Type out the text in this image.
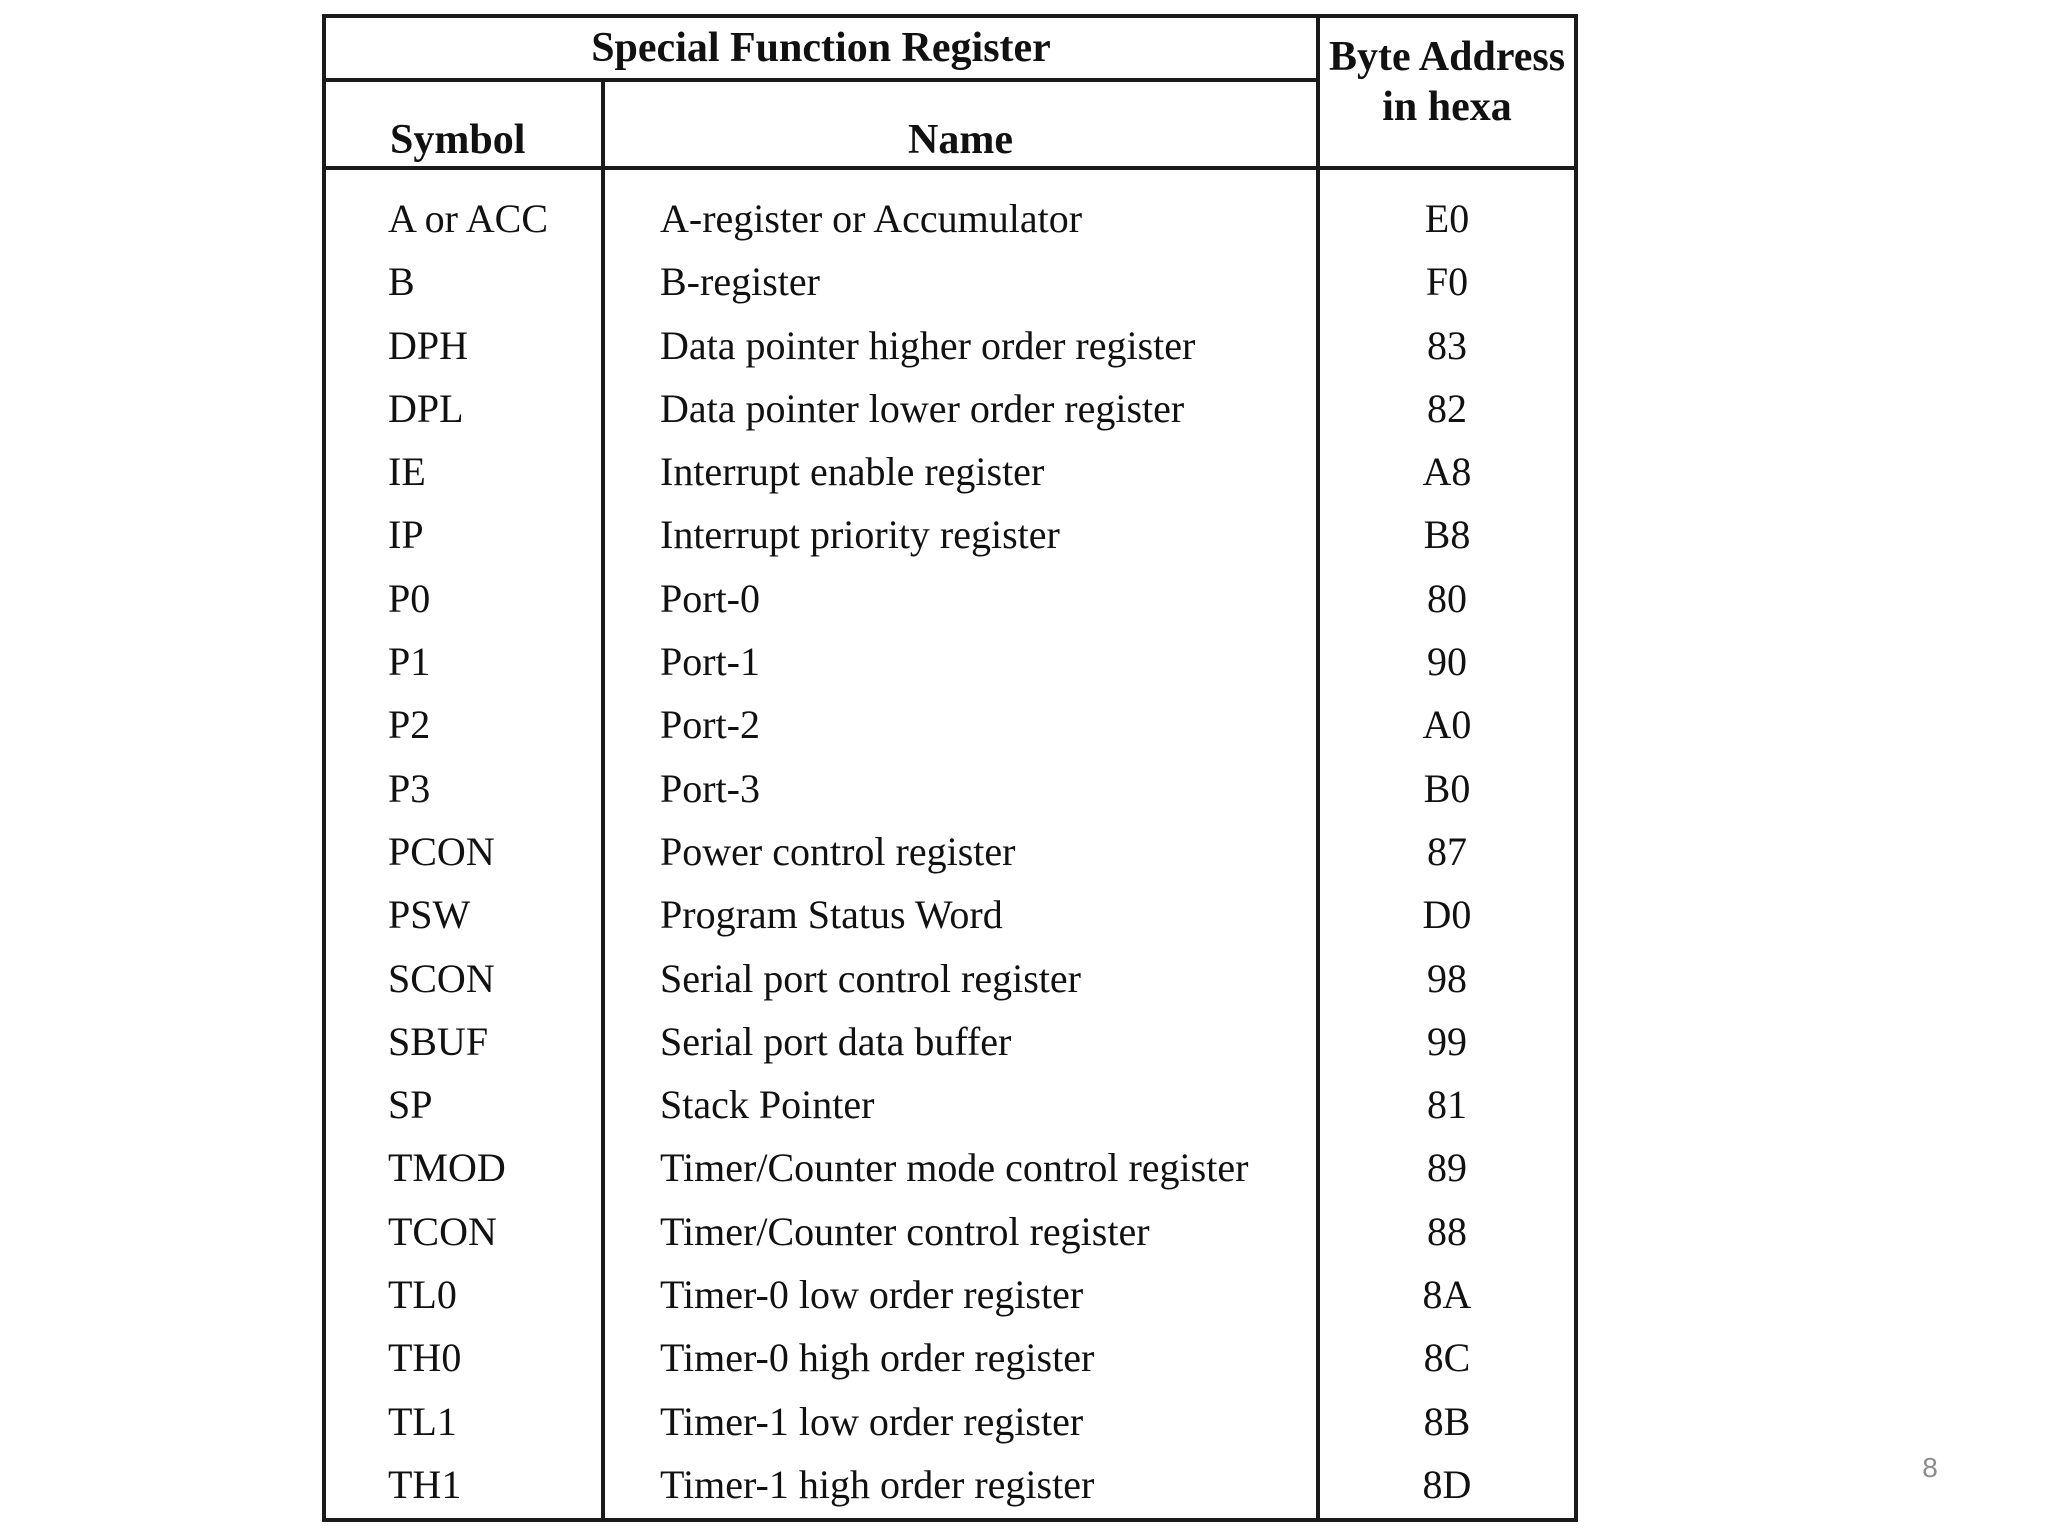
Special Function Register
Symbol	Name
Byte Address
in hexa
A or ACC	A-register or Accumulator	E0
B	B-register	F0
DPH	Data pointer higher order register	83
DPL	Data pointer lower order register	82
IE	Interrupt enable register	A8
IP	Interrupt priority register	B8
P0	Port-0	80
P1	Port-1	90
P2	Port-2	A0
P3	Port-3	B0
PCON	Power control register	87
PSW	Program Status Word	D0
SCON	Serial port control register	98
SBUF	Serial port data buffer	99
SP	Stack Pointer	81
TMOD	Timer/Counter mode control register	89
TCON	Timer/Counter control register	88
TL0	Timer-0 low order register	8A
TH0	Timer-0 high order register	8C
TL1	Timer-1 low order register	8B
TH1	Timer-1 high order register	8D	8
